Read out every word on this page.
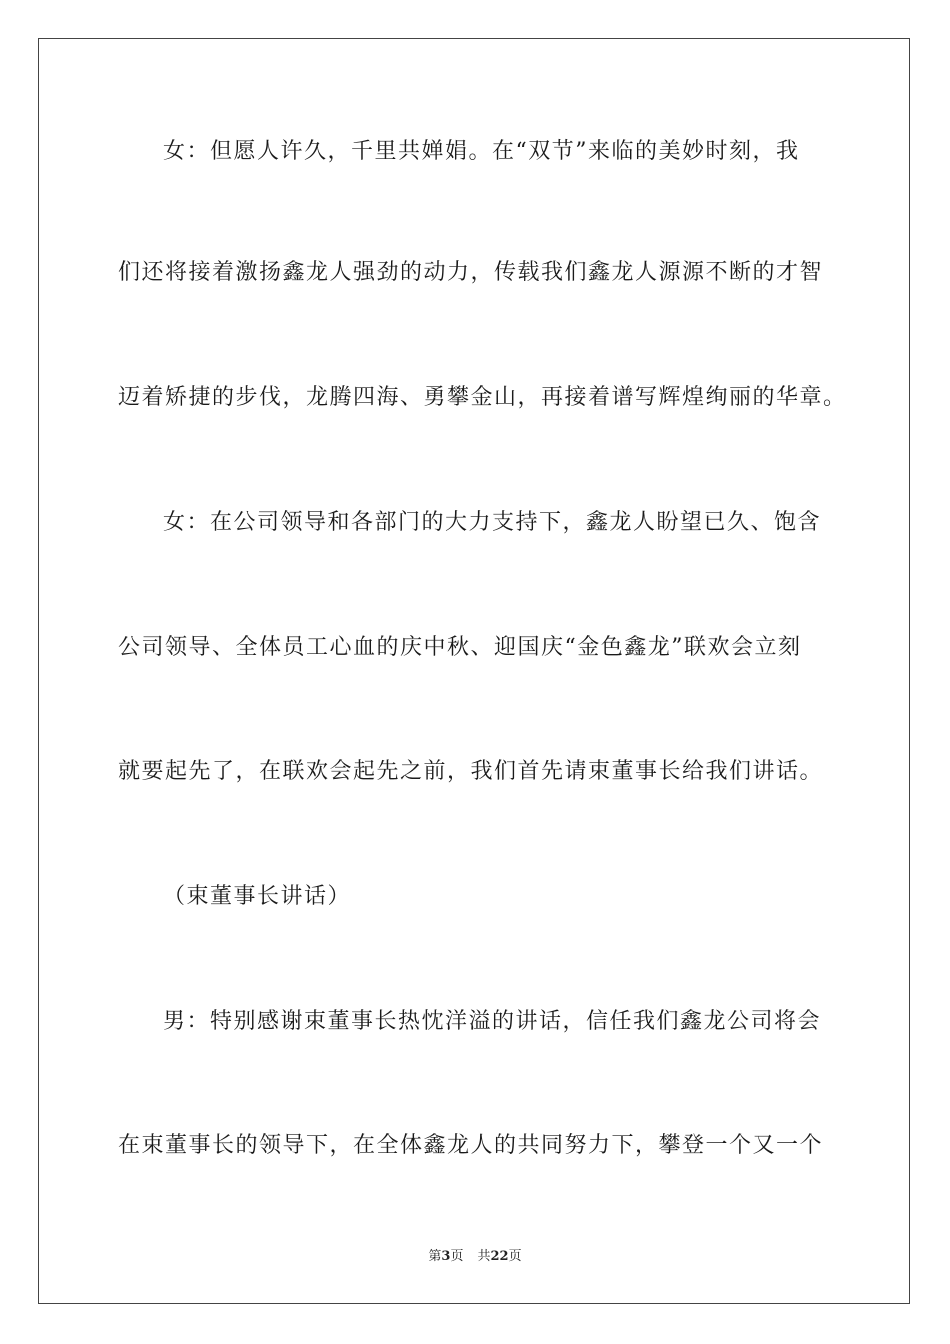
女：但愿人许久，千里共婵娟。在“双节”来临的美妙时刻，我
们还将接着激扬鑫龙人强劲的动力，传载我们鑫龙人源源不断的才智
迈着矫捷的步伐，龙腾四海、勇攀金山，再接着谱写辉煌绚丽的华章。
女：在公司领导和各部门的大力支持下，鑫龙人盼望已久、饱含
公司领导、全体员工心血的庆中秋、迎国庆“金色鑫龙”联欢会立刻
就要起先了，在联欢会起先之前，我们首先请束董事长给我们讲话。
（束董事长讲话）
男：特别感谢束董事长热忱洋溢的讲话，信任我们鑫龙公司将会
在束董事长的领导下，在全体鑫龙人的共同努力下，攀登一个又一个
第3页 共22页
